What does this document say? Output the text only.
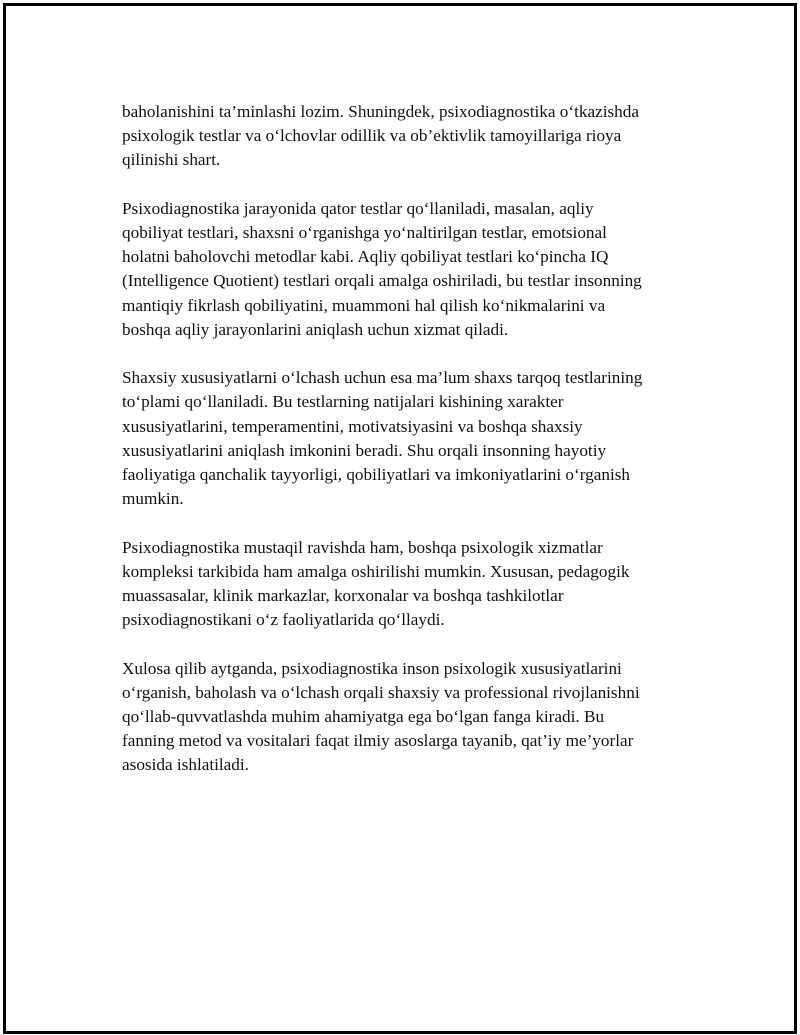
baholanishini ta’minlashi lozim. Shuningdek, psixodiagnostika o‘tkazishda
psixologik testlar va o‘lchovlar odillik va ob’ektivlik tamoyillariga rioya
qilinishi shart.

Psixodiagnostika jarayonida qator testlar qo‘llaniladi, masalan, aqliy
qobiliyat testlari, shaxsni o‘rganishga yo‘naltirilgan testlar, emotsional
holatni baholovchi metodlar kabi. Aqliy qobiliyat testlari ko‘pincha IQ
(Intelligence Quotient) testlari orqali amalga oshiriladi, bu testlar insonning
mantiqiy fikrlash qobiliyatini, muammoni hal qilish ko‘nikmalarini va
boshqa aqliy jarayonlarini aniqlash uchun xizmat qiladi.

Shaxsiy xususiyatlarni o‘lchash uchun esa ma’lum shaxs tarqoq testlarining
to‘plami qo‘llaniladi. Bu testlarning natijalari kishining xarakter
xususiyatlarini, temperamentini, motivatsiyasini va boshqa shaxsiy
xususiyatlarini aniqlash imkonini beradi. Shu orqali insonning hayotiy
faoliyatiga qanchalik tayyorligi, qobiliyatlari va imkoniyatlarini o‘rganish
mumkin.

Psixodiagnostika mustaqil ravishda ham, boshqa psixologik xizmatlar
kompleksi tarkibida ham amalga oshirilishi mumkin. Xususan, pedagogik
muassasalar, klinik markazlar, korxonalar va boshqa tashkilotlar
psixodiagnostikani o‘z faoliyatlarida qo‘llaydi.

Xulosa qilib aytganda, psixodiagnostika inson psixologik xususiyatlarini
o‘rganish, baholash va o‘lchash orqali shaxsiy va professional rivojlanishni
qo‘llab-quvvatlashda muhim ahamiyatga ega bo‘lgan fanga kiradi. Bu
fanning metod va vositalari faqat ilmiy asoslarga tayanib, qat’iy me’yorlar
asosida ishlatiladi.
